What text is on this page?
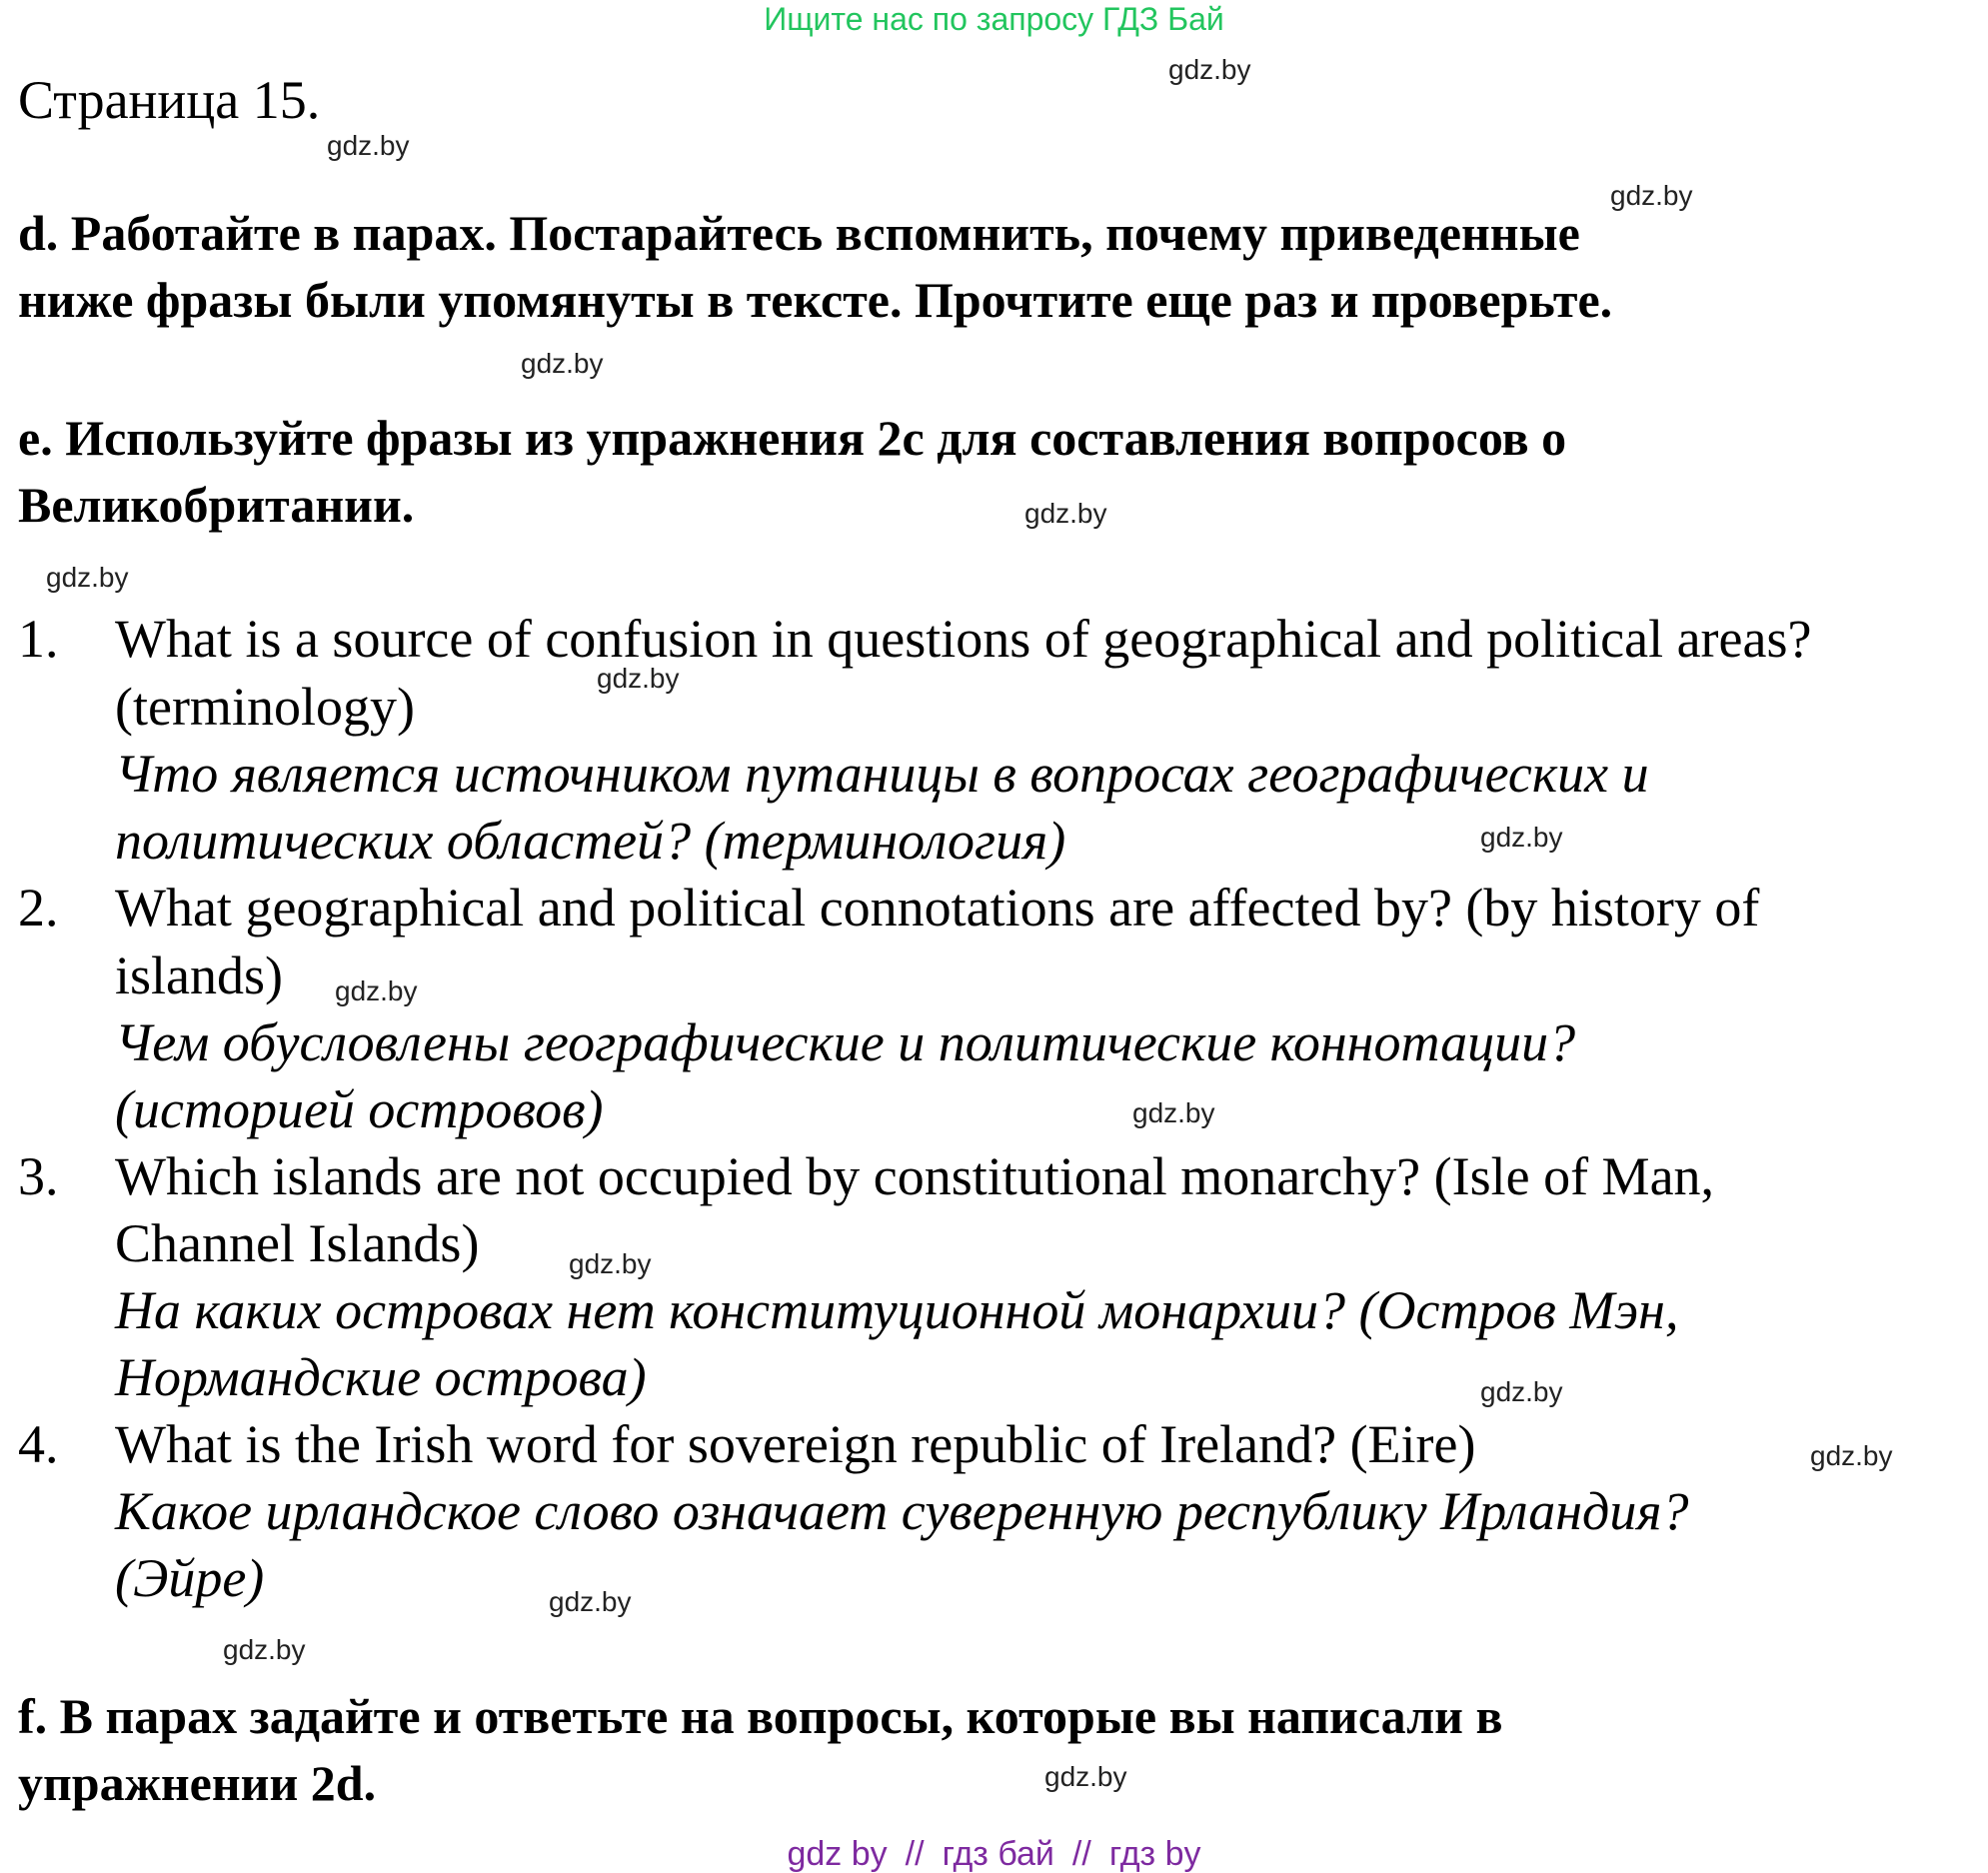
Ищите нас по запросу ГДЗ Бай
Страница 15.
d. Работайте в парах. Постарайтесь вспомнить, почему приведенные
ниже фразы были упомянуты в тексте. Прочтите еще раз и проверьте.
e. Используйте фразы из упражнения 2c для составления вопросов о
Великобритании.
1. What is a source of confusion in questions of geographical and political areas?
(terminology)
Что является источником путаницы в вопросах географических и
политических областей? (терминология)
2. What geographical and political connotations are affected by? (by history of
islands)
Чем обусловлены географические и политические коннотации?
(историей островов)
3. Which islands are not occupied by constitutional monarchy? (Isle of Man,
Channel Islands)
На каких островах нет конституционной монархии? (Остров Мэн,
Нормандские острова)
4. What is the Irish word for sovereign republic of Ireland? (Eire)
Какое ирландское слово означает суверенную республику Ирландия?
(Эйре)
f. В парах задайте и ответьте на вопросы, которые вы написали в
упражнении 2d.
gdz.by
gdz.by
gdz.by
gdz.by
gdz.by
gdz.by
gdz.by
gdz.by
gdz.by
gdz.by
gdz.by
gdz.by
gdz.by
gdz.by
gdz.by
gdz.by
gdz by // гдз бай // гдз by
